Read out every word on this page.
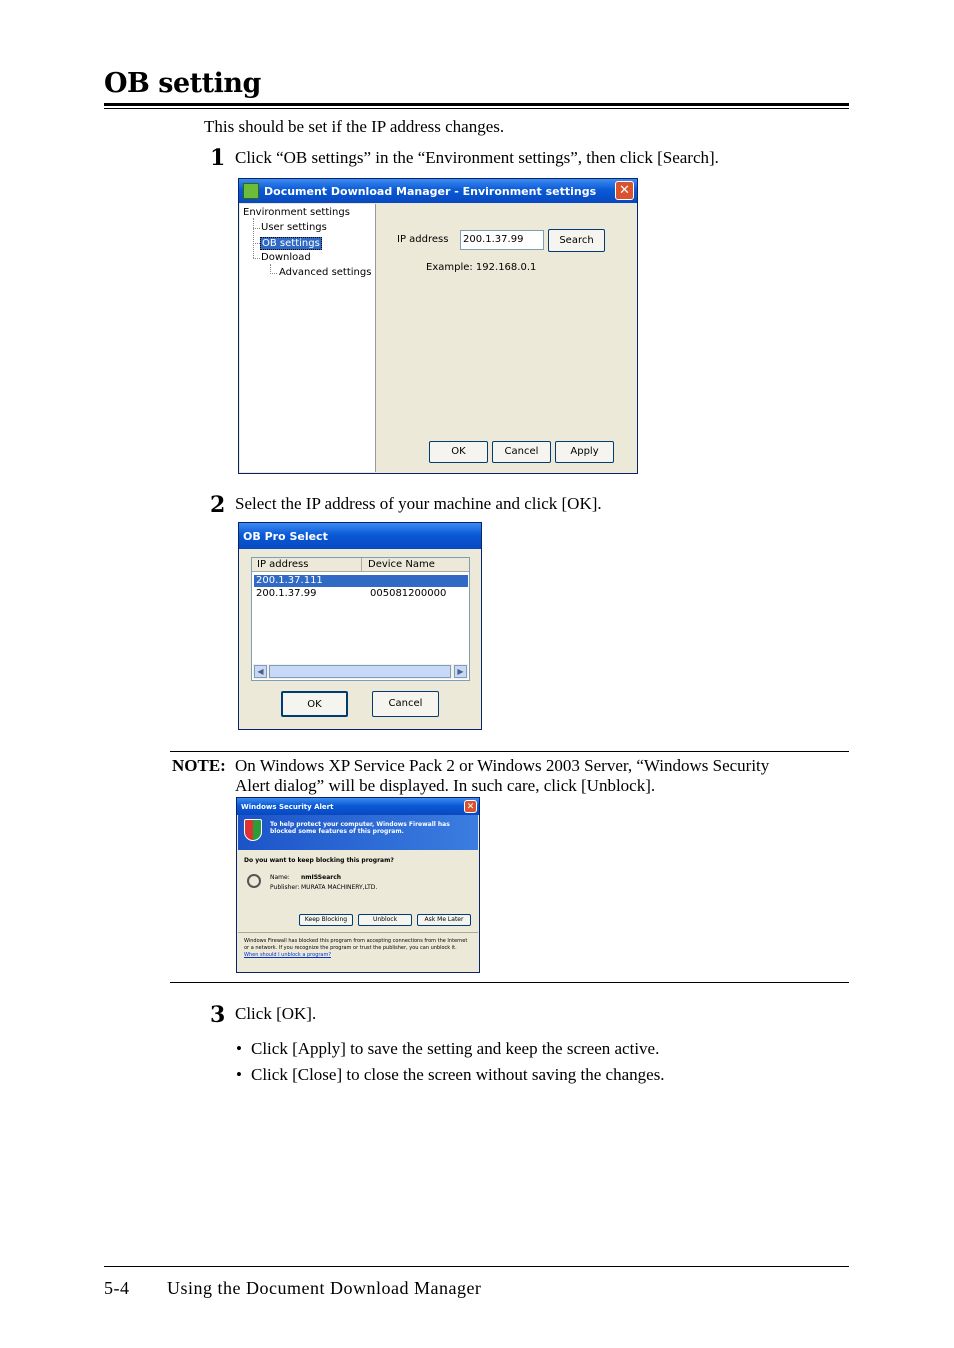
OB setting
This should be set if the IP address changes.
1 Click “OB settings” in the “Environment settings”, then click [Search].
Document Download Manager - Environment settings	✕
Environment settings
User settings
OB settings
Download
Advanced settings
IP address	200.1.37.99	Search
Example: 192.168.0.1
OK	Cancel	Apply
2 Select the IP address of your machine and click [OK].
OB Pro Select
IP address	Device Name
200.1.37.111
200.1.37.99	005081200000
◀	▶
OK	Cancel
NOTE: On Windows XP Service Pack 2 or Windows 2003 Server, “Windows Security
Alert dialog” will be displayed. In such care, click [Unblock].
Windows Security Alert	✕
To help protect your computer, Windows Firewall has blocked some features of this program.
Do you want to keep blocking this program?
Name: nmISSearch
Publisher: MURATA MACHINERY,LTD.
Keep Blocking	Unblock	Ask Me Later
Windows Firewall has blocked this program from accepting connections from the Internet or a network. If you recognize the program or trust the publisher, you can unblock it. When should I unblock a program?
3 Click [OK].
• Click [Apply] to save the setting and keep the screen active.
• Click [Close] to close the screen without saving the changes.
5-4 Using the Document Download Manager
